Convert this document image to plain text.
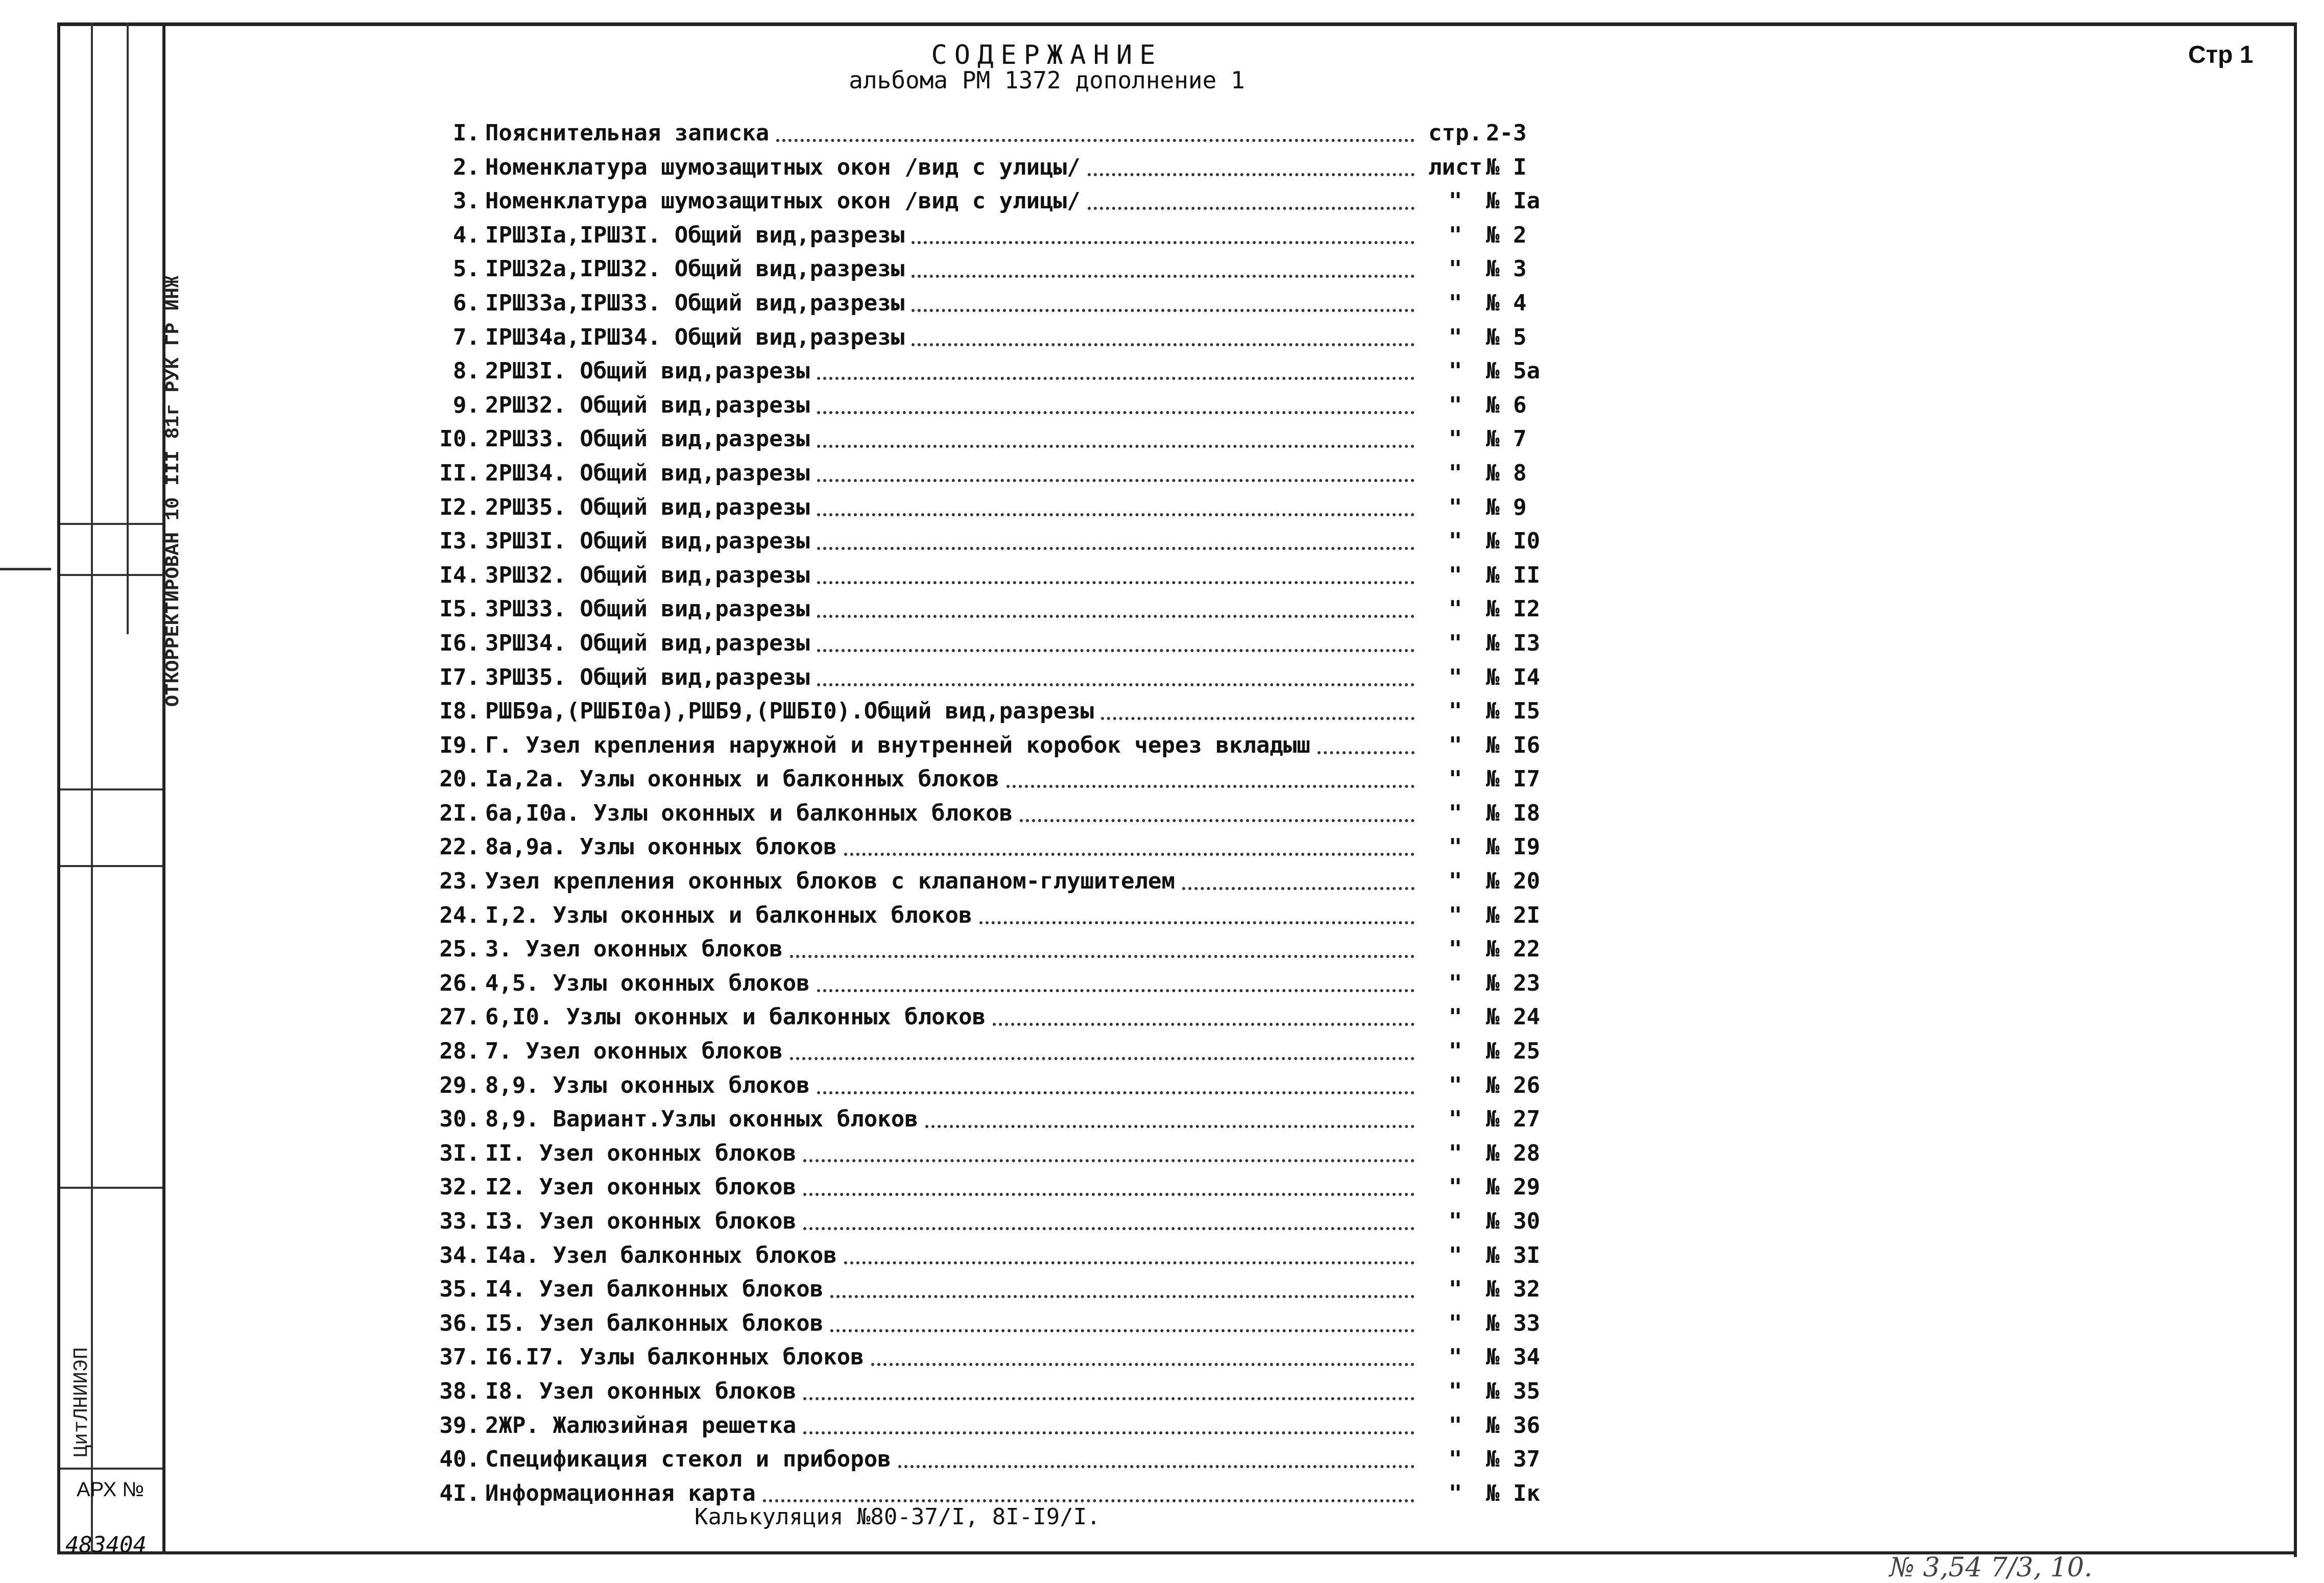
ОТКОРРЕКТИРОВАН 10 III 81г РУК ГР ИНЖ
ЦитЛНИИЭП
АРХ №
483404
Стр 1
СОДЕРЖАНИЕ
альбома РМ 1372 дополнение 1
I. Пояснительная записка	стр. 2-3
2. Номенклатура шумозащитных окон /вид с улицы/	лист № I
3. Номенклатура шумозащитных окон /вид с улицы/	"	№ Iа
4. IРШ3Iа,IРШ3I. Общий вид,разрезы	"	№ 2
5. IРШ32а,IРШ32. Общий вид,разрезы	"	№ 3
6. IРШ33а,IРШ33. Общий вид,разрезы	"	№ 4
7. IРШ34а,IРШ34. Общий вид,разрезы	"	№ 5
8. 2РШ3I. Общий вид,разрезы	"	№ 5а
9. 2РШ32. Общий вид,разрезы	"	№ 6
I0. 2РШ33. Общий вид,разрезы	"	№ 7
II. 2РШ34. Общий вид,разрезы	"	№ 8
I2. 2РШ35. Общий вид,разрезы	"	№ 9
I3. 3РШ3I. Общий вид,разрезы	"	№ I0
I4. 3РШ32. Общий вид,разрезы	"	№ II
I5. 3РШ33. Общий вид,разрезы	"	№ I2
I6. 3РШ34. Общий вид,разрезы	"	№ I3
I7. 3РШ35. Общий вид,разрезы	"	№ I4
I8. РШБ9а,(РШБI0а),РШБ9,(РШБI0).Общий вид,разрезы	"	№ I5
I9. Г. Узел крепления наружной и внутренней коробок через вкладыш	"	№ I6
20. Iа,2а. Узлы оконных и балконных блоков	"	№ I7
2I. 6а,I0а. Узлы оконных и балконных блоков	"	№ I8
22. 8а,9а. Узлы оконных блоков	"	№ I9
23. Узел крепления оконных блоков с клапаном-глушителем	"	№ 20
24. I,2. Узлы оконных и балконных блоков	"	№ 2I
25. 3. Узел оконных блоков	"	№ 22
26. 4,5. Узлы оконных блоков	"	№ 23
27. 6,I0. Узлы оконных и балконных блоков	"	№ 24
28. 7. Узел оконных блоков	"	№ 25
29. 8,9. Узлы оконных блоков	"	№ 26
30. 8,9. Вариант.Узлы оконных блоков	"	№ 27
3I. II. Узел оконных блоков	"	№ 28
32. I2. Узел оконных блоков	"	№ 29
33. I3. Узел оконных блоков	"	№ 30
34. I4а. Узел балконных блоков	"	№ 3I
35. I4. Узел балконных блоков	"	№ 32
36. I5. Узел балконных блоков	"	№ 33
37. I6.I7. Узлы балконных блоков	"	№ 34
38. I8. Узел оконных блоков	"	№ 35
39. 2ЖР. Жалюзийная решетка	"	№ 36
40. Спецификация стекол и приборов	"	№ 37
4I. Информационная карта	"	№ Iк
Калькуляция №80-37/I, 8I-I9/I.
№ 3,54 7/3, 10.
